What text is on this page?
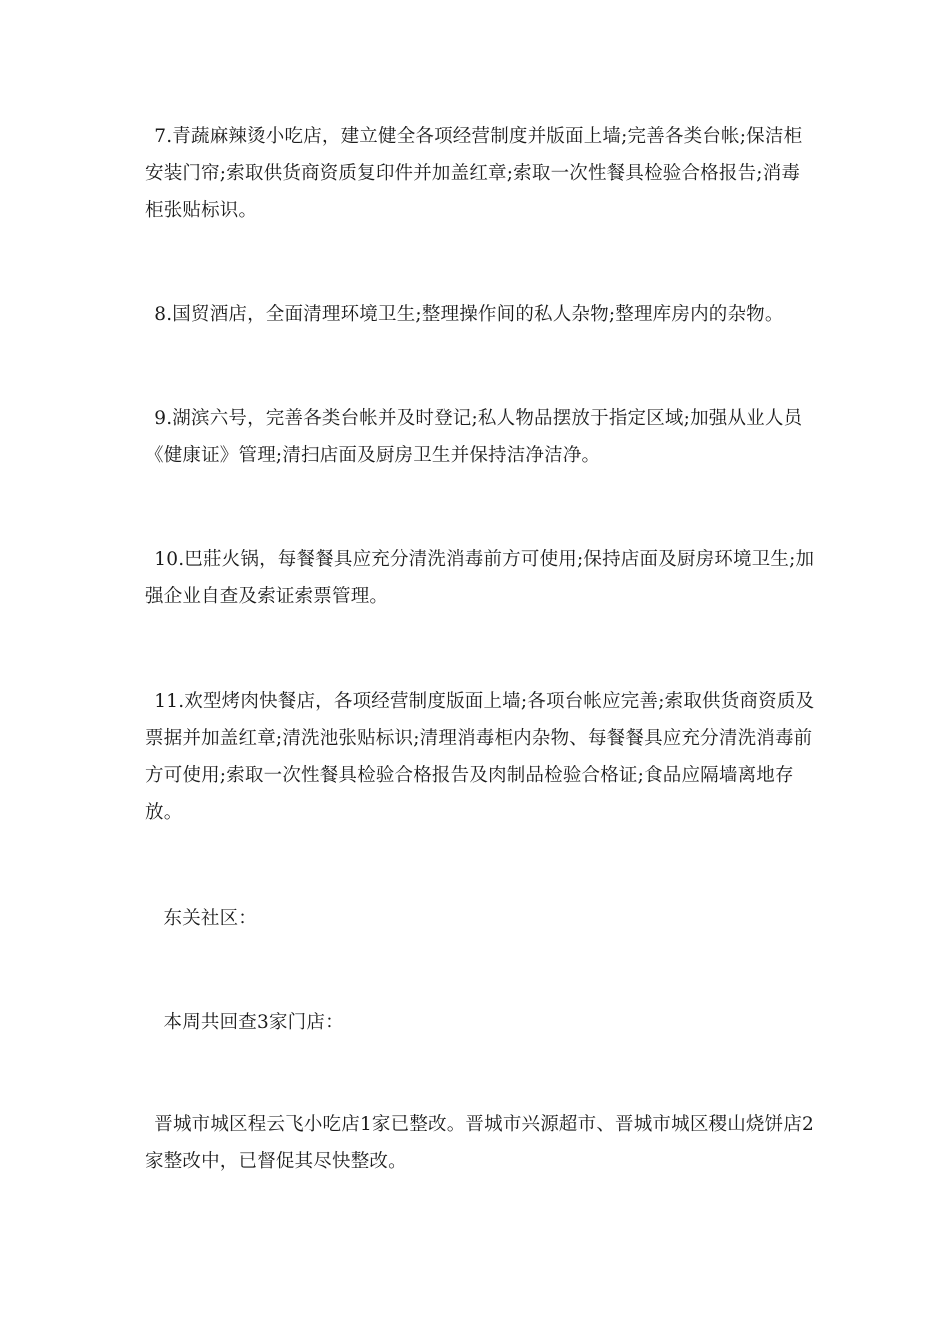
7.青蔬麻辣烫小吃店，建立健全各项经营制度并版面上墙;完善各类台帐;保洁柜安装门帘;索取供货商资质复印件并加盖红章;索取一次性餐具检验合格报告;消毒柜张贴标识。

8.国贸酒店，全面清理环境卫生;整理操作间的私人杂物;整理库房内的杂物。

9.湖滨六号，完善各类台帐并及时登记;私人物品摆放于指定区域;加强从业人员《健康证》管理;清扫店面及厨房卫生并保持洁净洁净。

10.巴莊火锅，每餐餐具应充分清洗消毒前方可使用;保持店面及厨房环境卫生;加强企业自查及索证索票管理。

11.欢型烤肉快餐店，各项经营制度版面上墙;各项台帐应完善;索取供货商资质及票据并加盖红章;清洗池张贴标识;清理消毒柜内杂物、每餐餐具应充分清洗消毒前方可使用;索取一次性餐具检验合格报告及肉制品检验合格证;食品应隔墙离地存放。

东关社区：

本周共回查3家门店：

晋城市城区程云飞小吃店1家已整改。晋城市兴源超市、晋城市城区稷山烧饼店2家整改中，已督促其尽快整改。
